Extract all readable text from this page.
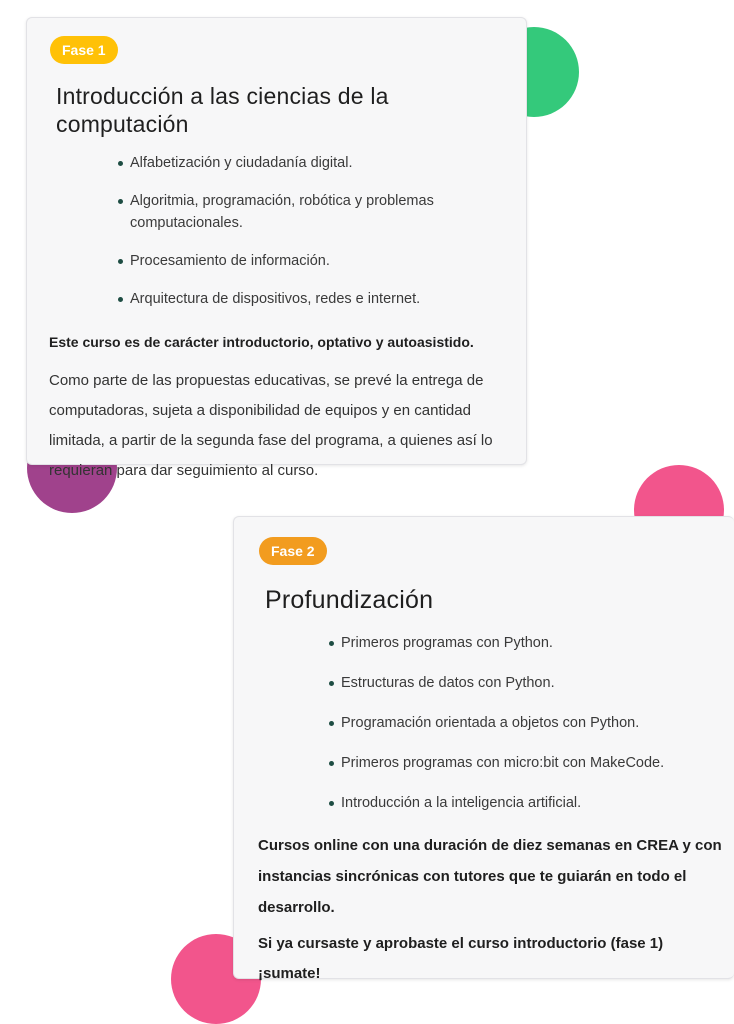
Fase 1
Introducción a las ciencias de la computación
Alfabetización y ciudadanía digital.
Algoritmia, programación, robótica y problemas computacionales.
Procesamiento de información.
Arquitectura de dispositivos, redes e internet.

Este curso es de carácter introductorio, optativo y autoasistido.

Como parte de las propuestas educativas, se prevé la entrega de computadoras, sujeta a disponibilidad de equipos y en cantidad limitada, a partir de la segunda fase del programa, a quienes así lo requieran para dar seguimiento al curso.

Fase 2
Profundización
Primeros programas con Python.
Estructuras de datos con Python.
Programación orientada a objetos con Python.
Primeros programas con micro:bit con MakeCode.
Introducción a la inteligencia artificial.

Cursos online con una duración de diez semanas en CREA y con instancias sincrónicas con tutores que te guiarán en todo el desarrollo.

Si ya cursaste y aprobaste el curso introductorio (fase 1) ¡sumate!
